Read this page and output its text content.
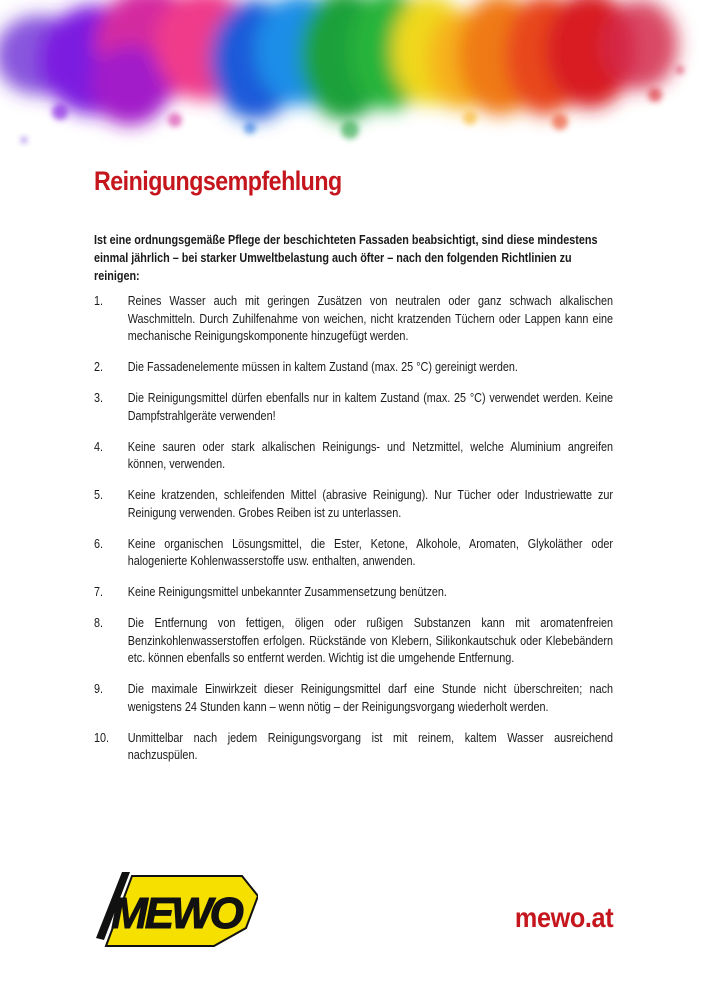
Reinigungsempfehlung

Ist eine ordnungsgemäße Pflege der beschichteten Fassaden beabsichtigt, sind diese mindestens einmal jährlich – bei starker Umweltbelastung auch öfter – nach den folgenden Richtlinien zu reinigen:

1.	Reines Wasser auch mit geringen Zusätzen von neutralen oder ganz schwach alkalischen Waschmitteln. Durch Zuhilfenahme von weichen, nicht kratzenden Tüchern oder Lappen kann eine mechanische Reinigungskomponente hinzugefügt werden.
2.	Die Fassadenelemente müssen in kaltem Zustand (max. 25 °C) gereinigt werden.
3.	Die Reinigungsmittel dürfen ebenfalls nur in kaltem Zustand (max. 25 °C) verwendet werden. Keine Dampfstrahlgeräte verwenden!
4.	Keine sauren oder stark alkalischen Reinigungs- und Netzmittel, welche Aluminium angreifen können, verwenden.
5.	Keine kratzenden, schleifenden Mittel (abrasive Reinigung). Nur Tücher oder Industriewatte zur Reinigung verwenden. Grobes Reiben ist zu unterlassen.
6.	Keine organischen Lösungsmittel, die Ester, Ketone, Alkohole, Aromaten, Glykoläther oder halogenierte Kohlenwasserstoffe usw. enthalten, anwenden.
7.	Keine Reinigungsmittel unbekannter Zusammensetzung benützen.
8.	Die Entfernung von fettigen, öligen oder rußigen Substanzen kann mit aromatenfreien Benzinkohlenwasserstoffen erfolgen. Rückstände von Klebern, Silikonkautschuk oder Klebebändern etc. können ebenfalls so entfernt werden. Wichtig ist die umgehende Entfernung.
9.	Die maximale Einwirkzeit dieser Reinigungsmittel darf eine Stunde nicht überschreiten; nach wenigstens 24 Stunden kann – wenn nötig – der Reinigungsvorgang wiederholt werden.
10.	Unmittelbar nach jedem Reinigungsvorgang ist mit reinem, kaltem Wasser ausreichend nachzuspülen.
MEWO	mewo.at
